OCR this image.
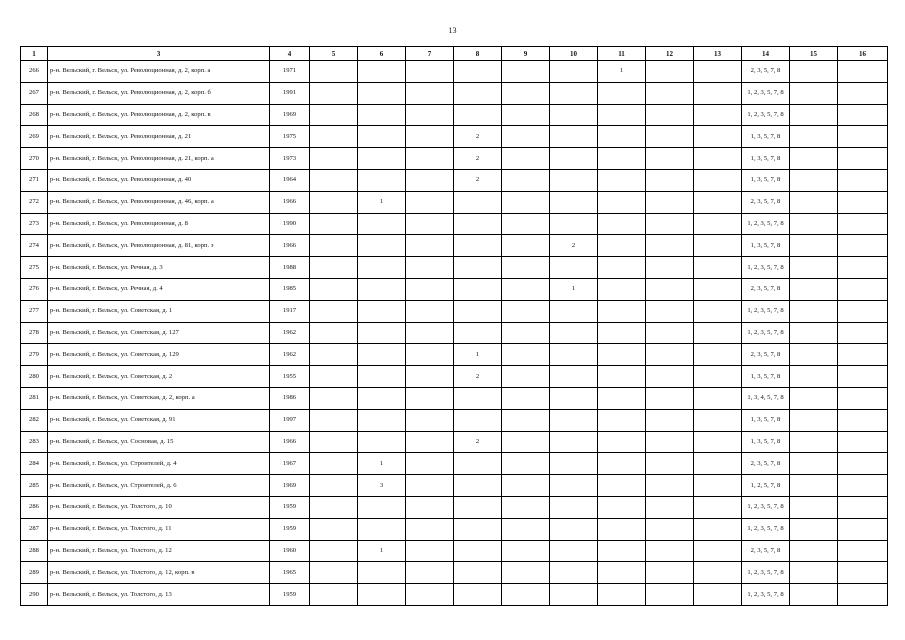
13
1	3	4	5	6	7	8	9	10	11	12	13	14	15	16
266	р-н. Вельский, г. Вельск, ул. Революционная, д. 2, корп. а	1971							1			2, 3, 5, 7, 8		
267	р-н. Вельский, г. Вельск, ул. Революционная, д. 2, корп. б	1991										1, 2, 3, 5, 7, 8		
268	р-н. Вельский, г. Вельск, ул. Революционная, д. 2, корп. в	1969										1, 2, 3, 5, 7, 8		
269	р-н. Вельский, г. Вельск, ул. Революционная, д. 21	1975				2						1, 3, 5, 7, 8		
270	р-н. Вельский, г. Вельск, ул. Революционная, д. 21, корп. а	1973				2						1, 3, 5, 7, 8		
271	р-н. Вельский, г. Вельск, ул. Революционная, д. 40	1964				2						1, 3, 5, 7, 8		
272	р-н. Вельский, г. Вельск, ул. Революционная, д. 46, корп. а	1966		1								2, 3, 5, 7, 8		
273	р-н. Вельский, г. Вельск, ул. Революционная, д. 8	1990										1, 2, 3, 5, 7, 8		
274	р-н. Вельский, г. Вельск, ул. Революционная, д. 81, корп. з	1966						2				1, 3, 5, 7, 8		
275	р-н. Вельский, г. Вельск, ул. Речная, д. 3	1988										1, 2, 3, 5, 7, 8		
276	р-н. Вельский, г. Вельск, ул. Речная, д. 4	1985						1				2, 3, 5, 7, 8		
277	р-н. Вельский, г. Вельск, ул. Советская, д. 1	1917										1, 2, 3, 5, 7, 8		
278	р-н. Вельский, г. Вельск, ул. Советская, д. 127	1962										1, 2, 3, 5, 7, 8		
279	р-н. Вельский, г. Вельск, ул. Советская, д. 129	1962				1						2, 3, 5, 7, 8		
280	р-н. Вельский, г. Вельск, ул. Советская, д. 2	1955				2						1, 3, 5, 7, 8		
281	р-н. Вельский, г. Вельск, ул. Советская, д. 2, корп. а	1986										1, 3, 4, 5, 7, 8		
282	р-н. Вельский, г. Вельск, ул. Советская, д. 91	1997										1, 3, 5, 7, 8		
283	р-н. Вельский, г. Вельск, ул. Сосновая, д. 15	1966				2						1, 3, 5, 7, 8		
284	р-н. Вельский, г. Вельск, ул. Строителей, д. 4	1967		1								2, 3, 5, 7, 8		
285	р-н. Вельский, г. Вельск, ул. Строителей, д. 6	1969		3								1, 2, 5, 7, 8		
286	р-н. Вельский, г. Вельск, ул. Толстого, д. 10	1959										1, 2, 3, 5, 7, 8		
287	р-н. Вельский, г. Вельск, ул. Толстого, д. 11	1959										1, 2, 3, 5, 7, 8		
288	р-н. Вельский, г. Вельск, ул. Толстого, д. 12	1960		1								2, 3, 5, 7, 8		
289	р-н. Вельский, г. Вельск, ул. Толстого, д. 12, корп. в	1965										1, 2, 3, 5, 7, 8		
290	р-н. Вельский, г. Вельск, ул. Толстого, д. 13	1959										1, 2, 3, 5, 7, 8		
